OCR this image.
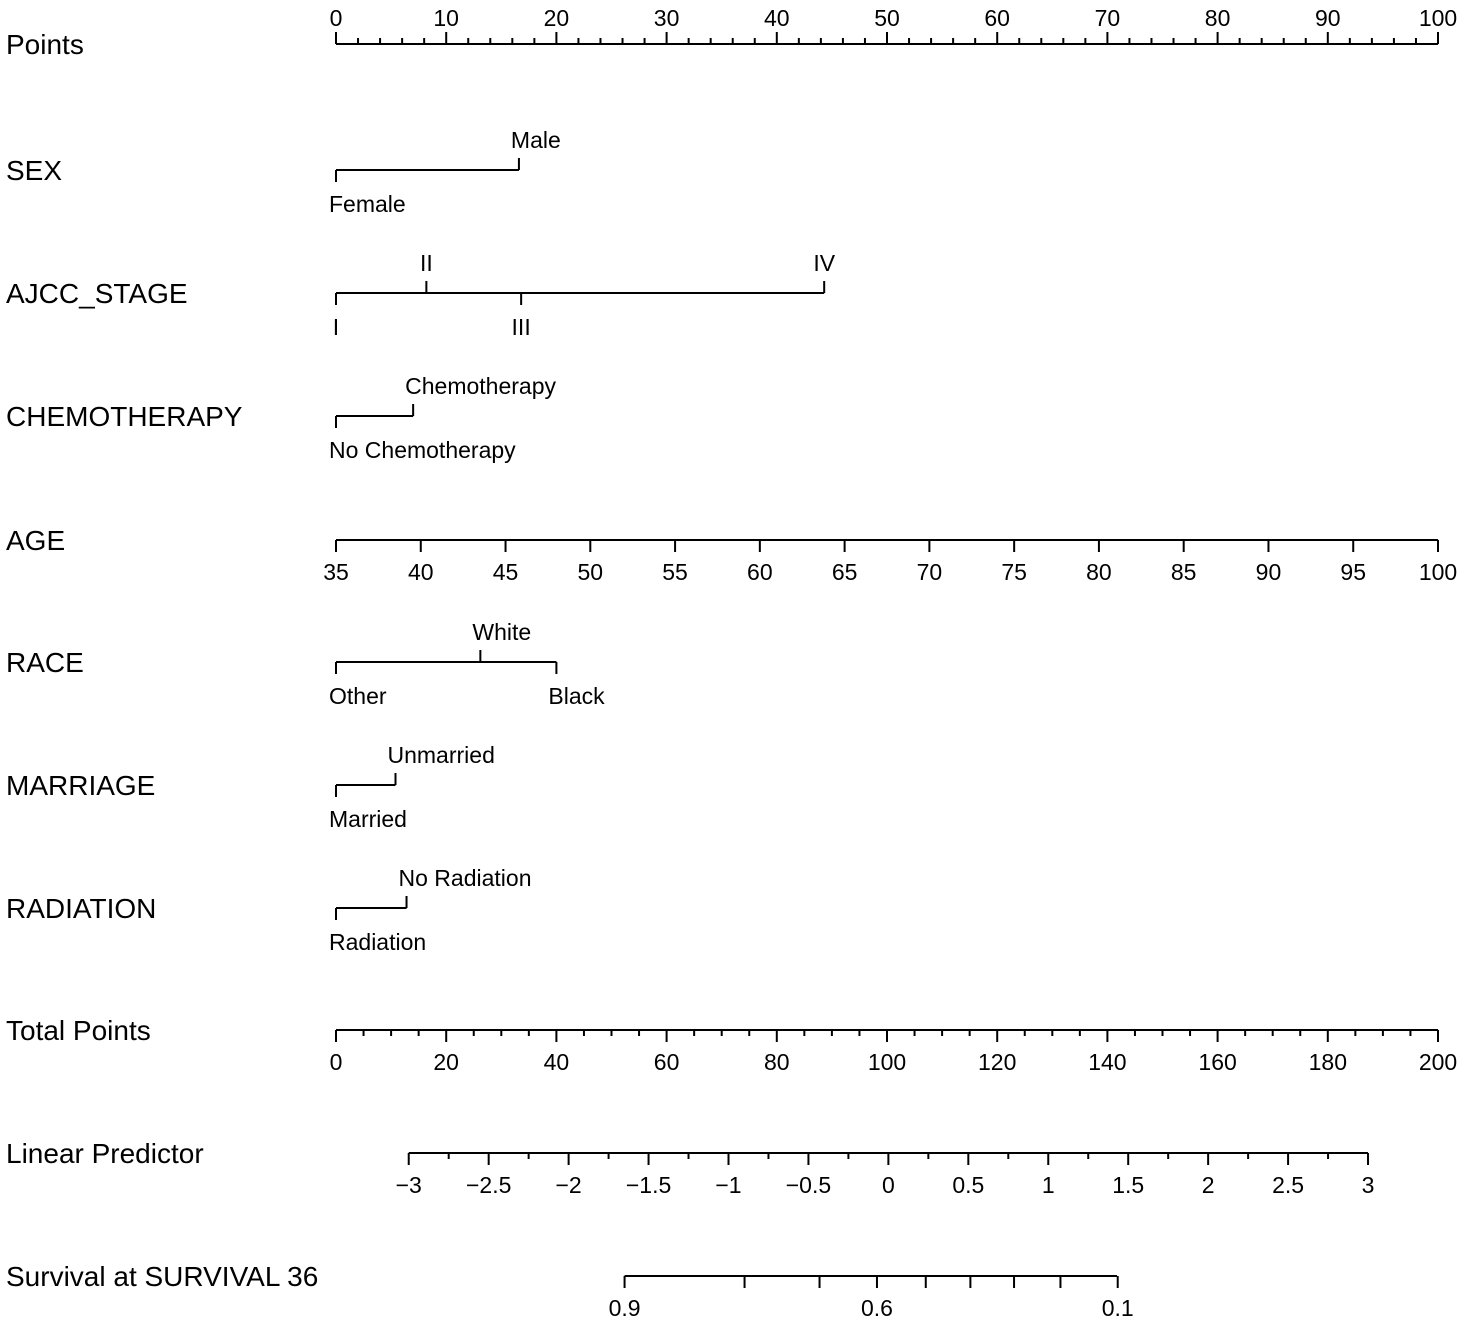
Points
0	10	20	30	40	50	60	70	80	90	100
SEX
Female
Male
AJCC_STAGE
I
II
III
IV
CHEMOTHERAPY
No Chemotherapy
Chemotherapy
AGE
35	40	45	50	55	60	65	70	75	80	85	90	95 100
RACE
Other
White
Black
MARRIAGE
Married
Unmarried
RADIATION
Radiation
No Radiation
Total Points
0	20	40	60	80	100	120	140	160	180	200
Linear Predictor
−3 −2.5 −2 −1.5 −1 −0.5 0	0.5	1	1.5	2	2.5	3
Survival at SURVIVAL 36
0.9	0.6	0.1
